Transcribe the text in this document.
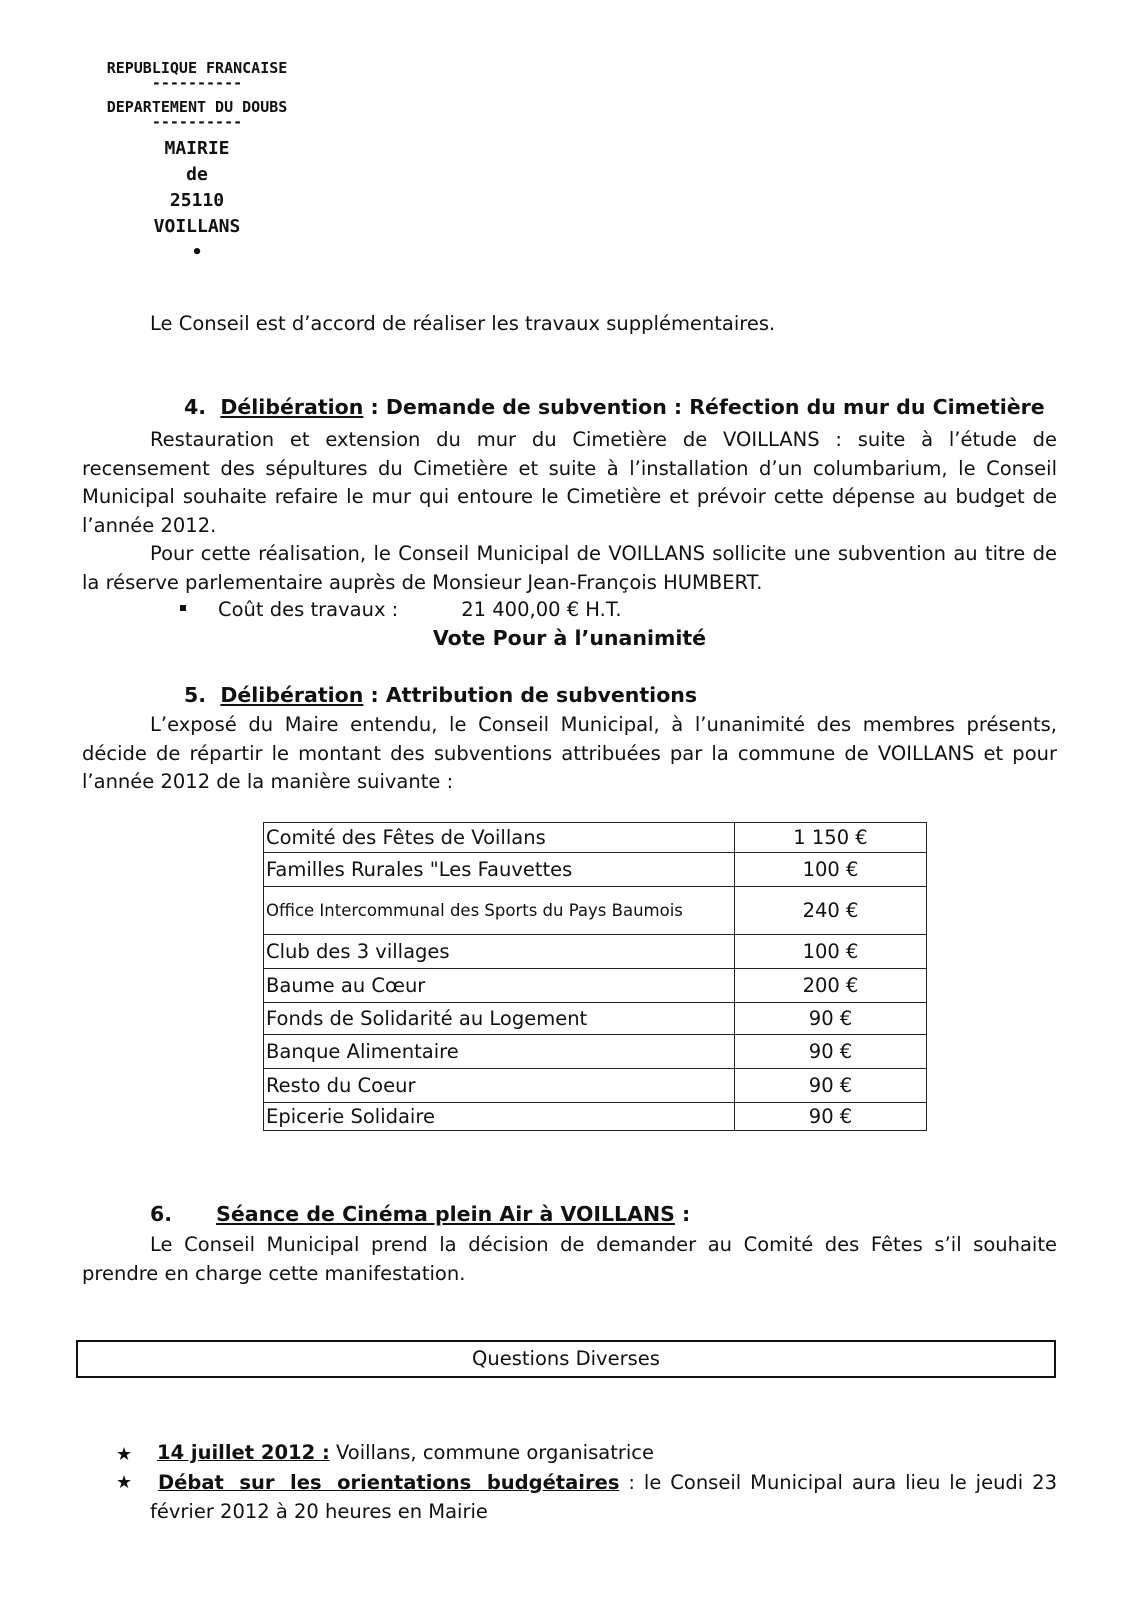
REPUBLIQUE FRANCAISE
----------
DEPARTEMENT DU DOUBS
----------
MAIRIE
de
25110
VOILLANS
•

Le Conseil est d’accord de réaliser les travaux supplémentaires.

4. Délibération : Demande de subvention : Réfection du mur du Cimetière

Restauration et extension du mur du Cimetière de VOILLANS : suite à l’étude de recensement des sépultures du Cimetière et suite à l’installation d’un columbarium, le Conseil Municipal souhaite refaire le mur qui entoure le Cimetière et prévoir cette dépense au budget de l’année 2012.

Pour cette réalisation, le Conseil Municipal de VOILLANS sollicite une subvention au titre de la réserve parlementaire auprès de Monsieur Jean-François HUMBERT.

Coût des travaux :	21 400,00 € H.T.
Vote Pour à l’unanimité
5. Délibération : Attribution de subventions

L’exposé du Maire entendu, le Conseil Municipal, à l’unanimité des membres présents, décide de répartir le montant des subventions attribuées par la commune de VOILLANS et pour l’année 2012 de la manière suivante :

Comité des Fêtes de Voillans	1 150 €
Familles Rurales "Les Fauvettes	100 €
Office Intercommunal des Sports du Pays Baumois	240 €
Club des 3 villages	100 €
Baume au Cœur	200 €
Fonds de Solidarité au Logement	90 €
Banque Alimentaire	90 €
Resto du Coeur	90 €
Epicerie Solidaire	90 €
6. Séance de Cinéma plein Air à VOILLANS :

Le Conseil Municipal prend la décision de demander au Comité des Fêtes s’il souhaite prendre en charge cette manifestation.

Questions Diverses
★ 14 juillet 2012 : Voillans, commune organisatrice
★	Débat sur les orientations budgétaires : le Conseil Municipal aura lieu le jeudi 23 février 2012 à 20 heures en Mairie
